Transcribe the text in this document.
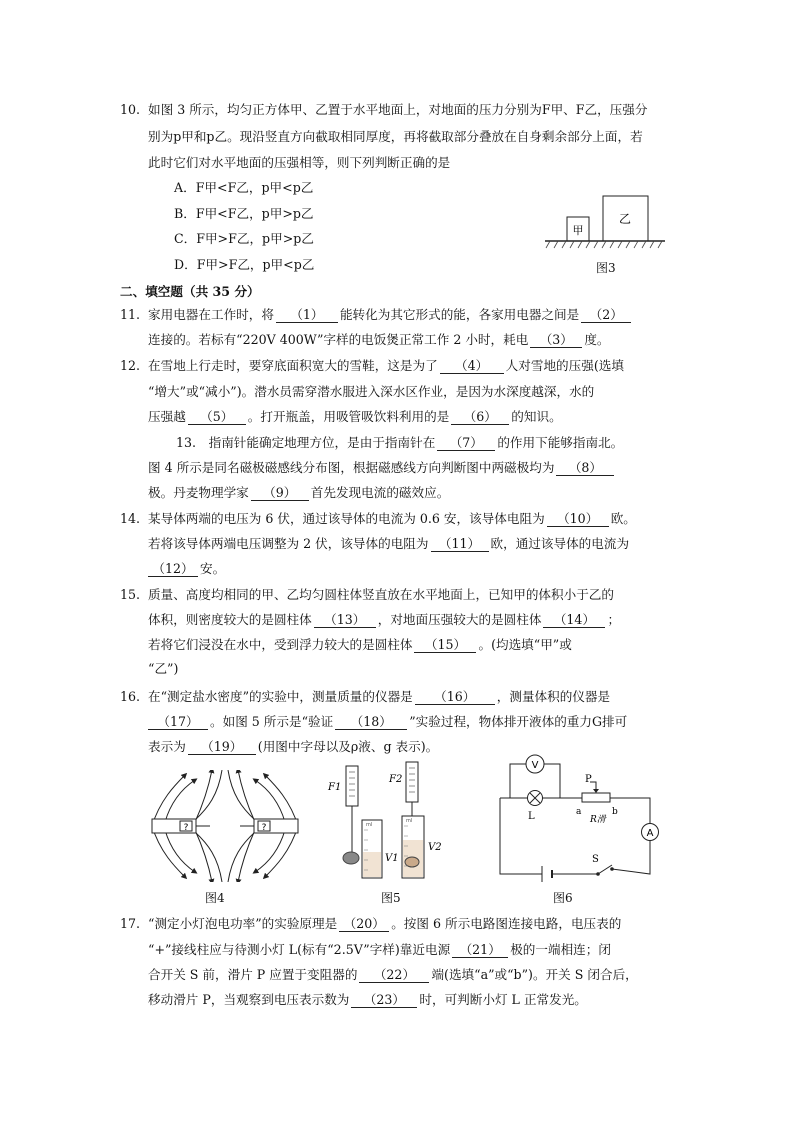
10. 如图 3 所示，均匀正方体甲、乙置于水平地面上，对地面的压力分别为F甲、F乙，压强分
别为p甲和p乙。现沿竖直方向截取相同厚度，再将截取部分叠放在自身剩余部分上面，若
此时它们对水平地面的压强相等，则下列判断正确的是
A．F甲<F乙，p甲<p乙
B．F甲<F乙，p甲>p乙
C．F甲>F乙，p甲>p乙
D．F甲>F乙，p甲<p乙
甲
乙
图3
二、填空题（共 35 分）
11. 家用电器在工作时，将 （1） 能转化为其它形式的能，各家用电器之间是 （2）
连接的。若标有“220V 400W”字样的电饭煲正常工作 2 小时，耗电 （3） 度。
12. 在雪地上行走时，要穿底面积宽大的雪鞋，这是为了 （4） 人对雪地的压强(选填
“增大”或“减小”)。潜水员需穿潜水服进入深水区作业，是因为水深度越深，水的
压强越 （5） 。打开瓶盖，用吸管吸饮料利用的是 （6） 的知识。
13.　指南针能确定地理方位，是由于指南针在 （7） 的作用下能够指南北。
图 4 所示是同名磁极磁感线分布图，根据磁感线方向判断图中两磁极均为 （8）
极。丹麦物理学家 （9） 首先发现电流的磁效应。
14. 某导体两端的电压为 6 伏，通过该导体的电流为 0.6 安，该导体电阻为 （10） 欧。
若将该导体两端电压调整为 2 伏，该导体的电阻为 （11） 欧，通过该导体的电流为
（12） 安。
15. 质量、高度均相同的甲、乙均匀圆柱体竖直放在水平地面上，已知甲的体积小于乙的
体积，则密度较大的是圆柱体 （13） ，对地面压强较大的是圆柱体 （14） ；
若将它们浸没在水中，受到浮力较大的是圆柱体 （15） 。(均选填“甲”或
“乙”)
16. 在“测定盐水密度”的实验中，测量质量的仪器是 （16） ，测量体积的仪器是
（17） 。如图 5 所示是“验证 （18） ”实验过程，物体排开液体的重力G排可
表示为 （19） (用图中字母以及ρ液、g 表示)。
?	?
图4
F1
ml
V1
F2
ml
V2
图5
V
L
P
a	b
R滑
A
S
图6
17. “测定小灯泡电功率”的实验原理是 （20） 。按图 6 所示电路图连接电路，电压表的
“+”接线柱应与待测小灯 L(标有“2.5V”字样)靠近电源 （21） 极的一端相连；闭
合开关 S 前，滑片 P 应置于变阻器的 （22） 端(选填“a”或“b”)。开关 S 闭合后，
移动滑片 P，当观察到电压表示数为 （23） 时，可判断小灯 L 正常发光。
